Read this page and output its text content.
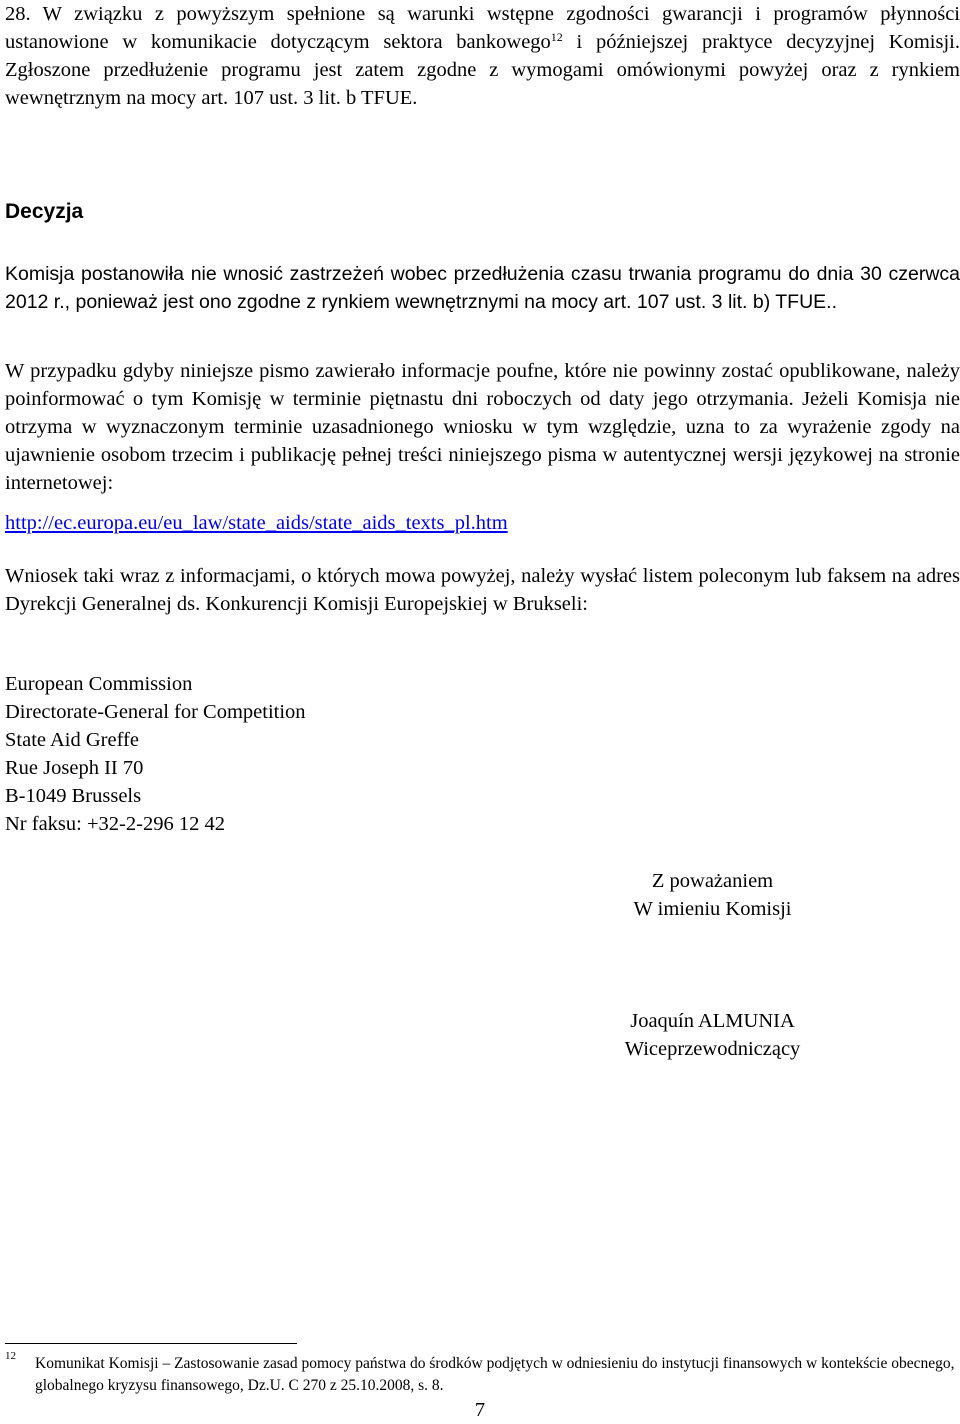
28. W związku z powyższym spełnione są warunki wstępne zgodności gwarancji i programów płynności ustanowione w komunikacie dotyczącym sektora bankowego$^{12}$ i późniejszej praktyce decyzyjnej Komisji. Zgłoszone przedłużenie programu jest zatem zgodne z wymogami omówionymi powyżej oraz z rynkiem wewnętrznym na mocy art. 107 ust. 3 lit. b TFUE.

Decyzja

Komisja postanowiła nie wnosić zastrzeżeń wobec przedłużenia czasu trwania programu do dnia 30 czerwca 2012 r., ponieważ jest ono zgodne z rynkiem wewnętrznymi na mocy art. 107 ust. 3 lit. b) TFUE..

W przypadku gdyby niniejsze pismo zawierało informacje poufne, które nie powinny zostać opublikowane, należy poinformować o tym Komisję w terminie piętnastu dni roboczych od daty jego otrzymania. Jeżeli Komisja nie otrzyma w wyznaczonym terminie uzasadnionego wniosku w tym względzie, uzna to za wyrażenie zgody na ujawnienie osobom trzecim i publikację pełnej treści niniejszego pisma w autentycznej wersji językowej na stronie internetowej:

http://ec.europa.eu/eu_law/state_aids/state_aids_texts_pl.htm

Wniosek taki wraz z informacjami, o których mowa powyżej, należy wysłać listem poleconym lub faksem na adres Dyrekcji Generalnej ds. Konkurencji Komisji Europejskiej w Brukseli:

European Commission
Directorate-General for Competition
State Aid Greffe
Rue Joseph II 70
B-1049 Brussels
Nr faksu: +32-2-296 12 42
Z poważaniem
W imieniu Komisji
Joaquín ALMUNIA
Wiceprzewodniczący
12 Komunikat Komisji – Zastosowanie zasad pomocy państwa do środków podjętych w odniesieniu do instytucji finansowych w kontekście obecnego, globalnego kryzysu finansowego, Dz.U. C 270 z 25.10.2008, s. 8.
7
